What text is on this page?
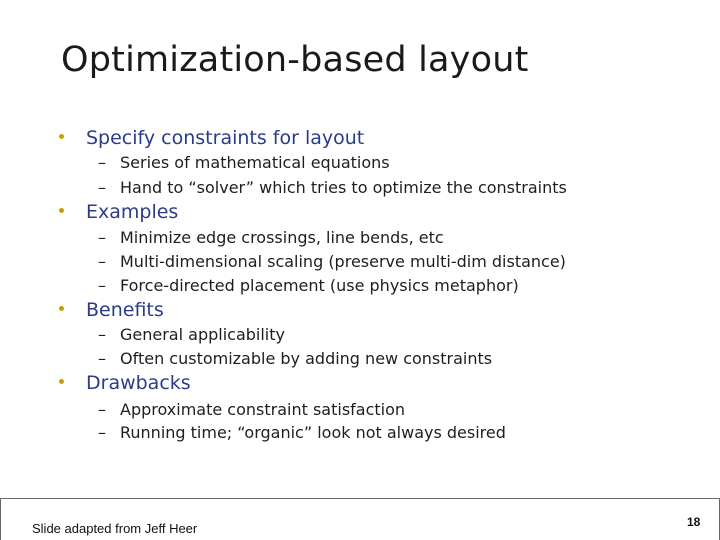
Optimization-based layout
Specify constraints for layout
– Series of mathematical equations
– Hand to “solver” which tries to optimize the constraints
Examples
– Minimize edge crossings, line bends, etc
– Multi-dimensional scaling (preserve multi-dim distance)
– Force-directed placement (use physics metaphor)
Benefits
– General applicability
– Often customizable by adding new constraints
Drawbacks
– Approximate constraint satisfaction
– Running time; “organic” look not always desired
Slide adapted from Jeff Heer	18
